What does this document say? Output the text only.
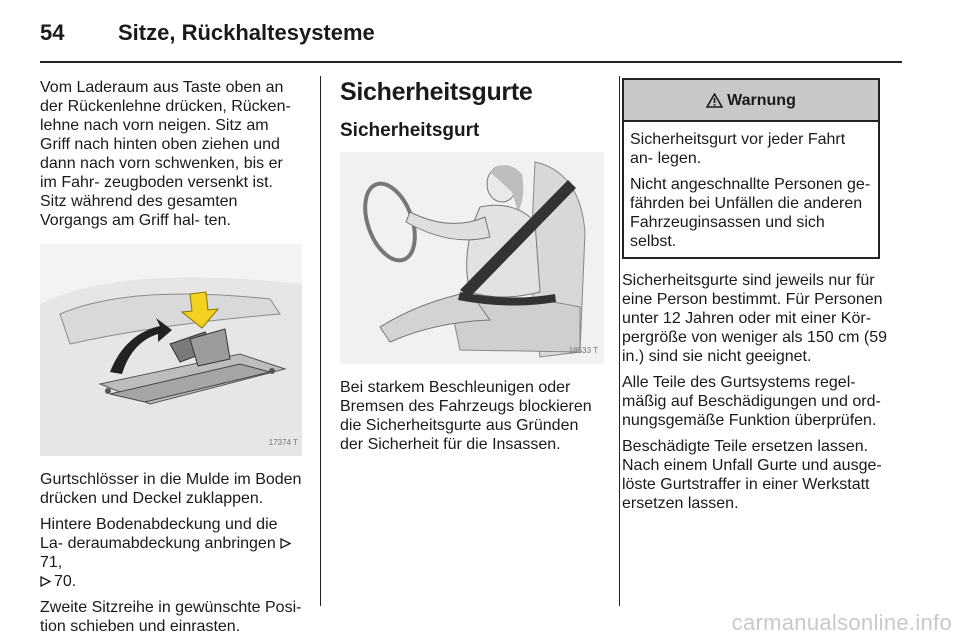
54 Sitze, Rückhaltesysteme

Vom Laderaum aus Taste oben an der Rückenlehne drücken, Rücken- lehne nach vorn neigen. Sitz am Griff nach hinten oben ziehen und dann nach vorn schwenken, bis er im Fahr- zeugboden versenkt ist. Sitz während des gesamten Vorgangs am Griff hal- ten.

17374 T

Gurtschlösser in die Mulde im Boden drücken und Deckel zuklappen.

Hintere Bodenabdeckung und die La- deraumabdeckung anbringen 71,
70.

Zweite Sitzreihe in gewünschte Posi- tion schieben und einrasten.

Sicherheitsgurte
Sicherheitsgurt
18533 T

Bei starkem Beschleunigen oder Bremsen des Fahrzeugs blockieren die Sicherheitsgurte aus Gründen der Sicherheit für die Insassen.

Warnung

Sicherheitsgurt vor jeder Fahrt an- legen.

Nicht angeschnallte Personen ge- fährden bei Unfällen die anderen Fahrzeuginsassen und sich selbst.

Sicherheitsgurte sind jeweils nur für eine Person bestimmt. Für Personen unter 12 Jahren oder mit einer Kör- pergröße von weniger als 150 cm (59 in.) sind sie nicht geeignet.

Alle Teile des Gurtsystems regel- mäßig auf Beschädigungen und ord- nungsgemäße Funktion überprüfen.

Beschädigte Teile ersetzen lassen. Nach einem Unfall Gurte und ausge- löste Gurtstraffer in einer Werkstatt ersetzen lassen.

carmanualsonline.info
